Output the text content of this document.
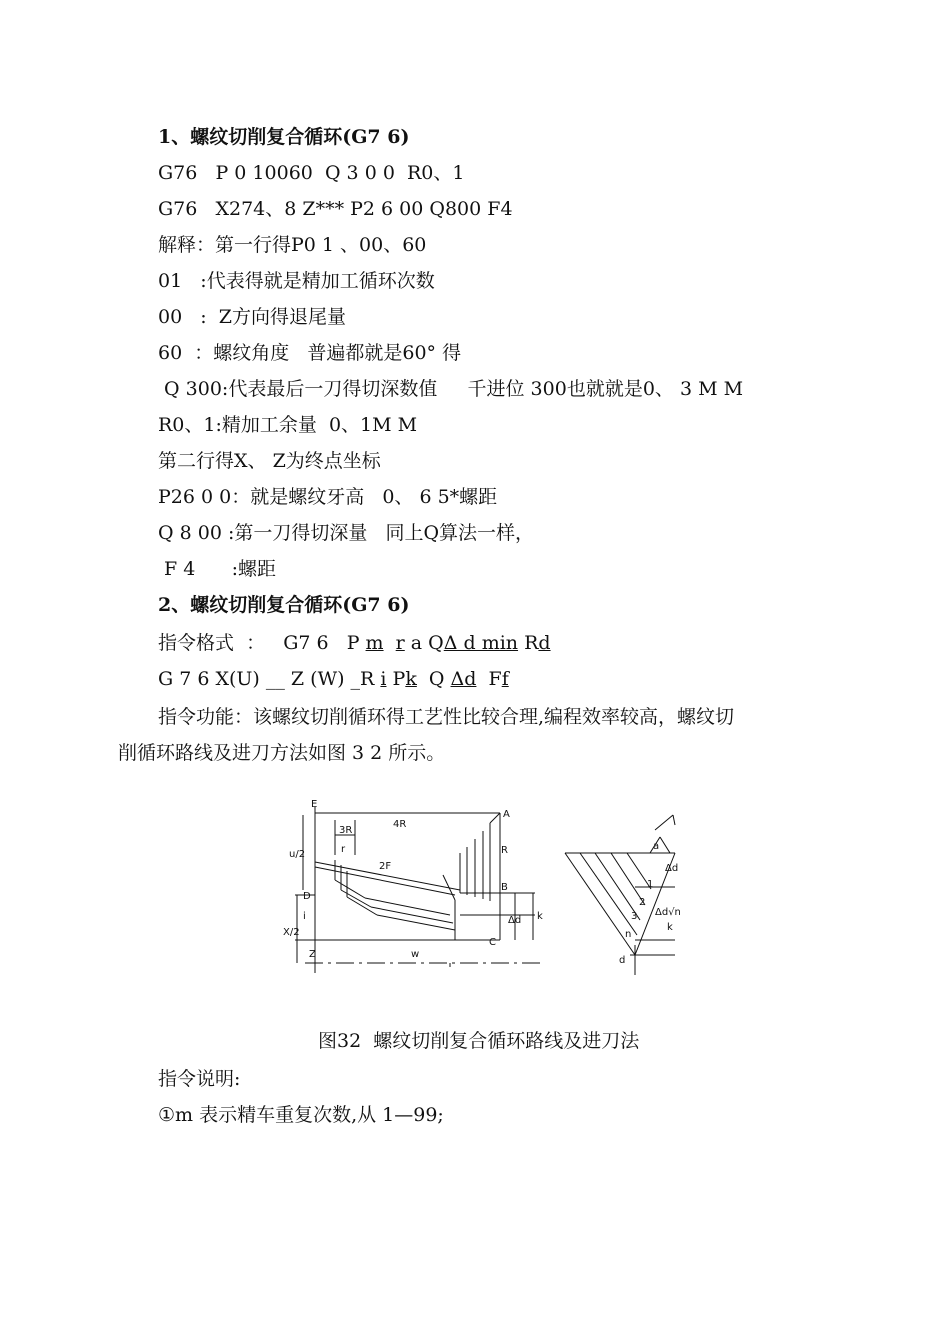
1、螺纹切削复合循环(G7 6)
G76   P 0 10060  Q 3 0 0  R0、1
G76   X274、8 Z*** P2 6 00 Q800 F4
解释：第一行得P0 1 、00、60
01   :代表得就是精加工循环次数
00   :  Z方向得退尾量
60  ：螺纹角度   普遍都就是60° 得
Q 300:代表最后一刀得切深数值     千进位 300也就就是0、 3 M M
R0、1:精加工余量  0、1M M
第二行得X、 Z为终点坐标
P26 0 0：就是螺纹牙高   0、 6 5*螺距
Q 8 00 :第一刀得切深量   同上Q算法一样，
F 4      :螺距
2、螺纹切削复合循环(G7 6)
指令格式  ：   G7 6   P m r a QΔ d min Rd
G 7 6 X(U) __ Z (W) _R i Pk  Q Δd  Ff
指令功能：该螺纹切削循环得工艺性比较合理,编程效率较高，螺纹切
削循环路线及进刀方法如图 3 2 所示。
E
A
B
C
D
4R
3R
r
2F
R
u/2
i
X/2
Z	w
Δd k
a
Δd
1
2
3
n
Δd√n
k
d
图32  螺纹切削复合循环路线及进刀法
指令说明:
①m 表示精车重复次数,从 1—99;
